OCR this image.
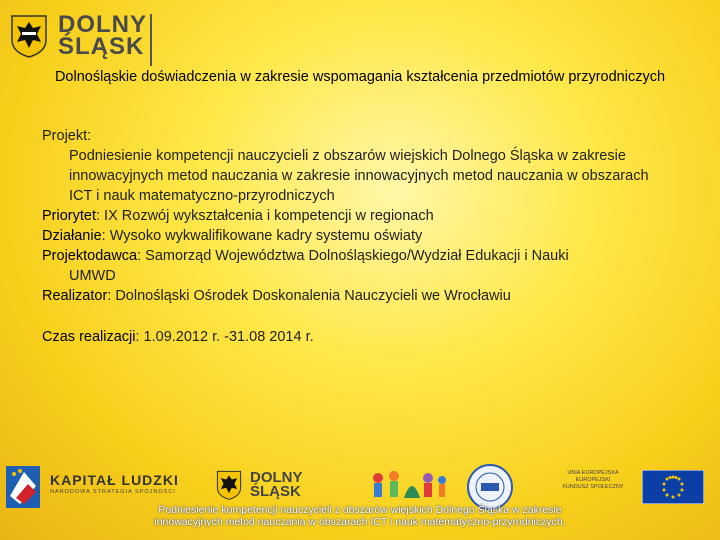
DOLNY
ŚLĄSK
Dolnośląskie doświadczenia w zakresie wspomagania kształcenia przedmiotów przyrodniczych

Projekt:

Podniesienie kompetencji nauczycieli z obszarów wiejskich Dolnego Śląska w zakresie innowacyjnych metod nauczania w zakresie innowacyjnych metod nauczania w obszarach ICT i nauk matematyczno-przyrodniczych

Priorytet: IX Rozwój wykształcenia i kompetencji w regionach

Działanie: Wysoko wykwalifikowane kadry systemu oświaty

Projektodawca: Samorząd Województwa Dolnośląskiego/Wydział Edukacji i Nauki

UMWD

Realizator: Dolnośląski Ośrodek Doskonalenia Nauczycieli we Wrocławiu

Czas realizacji: 1.09.2012 r. -31.08 2014 r.

KAPITAŁ LUDZKI
NARODOWA STRATEGIA SPÓJNOŚCI
DOLNY
ŚLĄSK
UNIA EUROPEJSKA
EUROPEJSKI
FUNDUSZ SPOŁECZNY
Podniesienie kompetencji nauczycieli z obszarów wiejskich Dolnego Śląska w zakresie
innowacyjnych metod nauczania w obszarach ICT i nauk matematyczno-przyrodniczych.
